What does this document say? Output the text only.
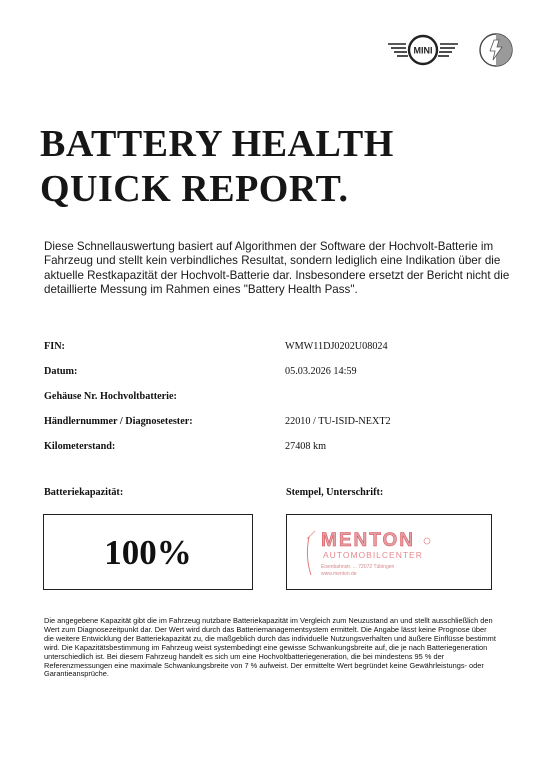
MINI
BATTERY HEALTH
QUICK REPORT.

Diese Schnellauswertung basiert auf Algorithmen der Software der Hochvolt-Batterie im Fahrzeug und stellt kein verbindliches Resultat, sondern lediglich eine Indikation über die aktuelle Restkapazität der Hochvolt-Batterie dar. Insbesondere ersetzt der Bericht nicht die detaillierte Messung im Rahmen eines "Battery Health Pass".

FIN:	WMW11DJ0202U08024
Datum:	05.03.2026 14:59
Gehäuse Nr. Hochvoltbatterie:
Händlernummer / Diagnosetester:	22010 / TU-ISID-NEXT2
Kilometerstand:	27408 km
Batteriekapazität:	Stempel, Unterschrift:
100%	MENTON
AUTOMOBILCENTER
Eisenbahnstr. ... 72072 Tübingen
www.menton.de

Die angegebene Kapazität gibt die im Fahrzeug nutzbare Batteriekapazität im Vergleich zum Neuzustand an und stellt ausschließlich den Wert zum Diagnosezeitpunkt dar. Der Wert wird durch das Batteriemanagementsystem ermittelt. Die Angabe lässt keine Prognose über die weitere Entwicklung der Batteriekapazität zu, die maßgeblich durch das individuelle Nutzungsverhalten und äußere Einflüsse bestimmt wird. Die Kapazitätsbestimmung im Fahrzeug weist systembedingt eine gewisse Schwankungsbreite auf, die je nach Batteriegeneration unterschiedlich ist. Bei diesem Fahrzeug handelt es sich um eine Hochvoltbatteriegeneration, die bei mindestens 95 % der Referenzmessungen eine maximale Schwankungsbreite von 7 % aufweist. Der ermittelte Wert begründet keine Gewährleistungs- oder Garantieansprüche.
